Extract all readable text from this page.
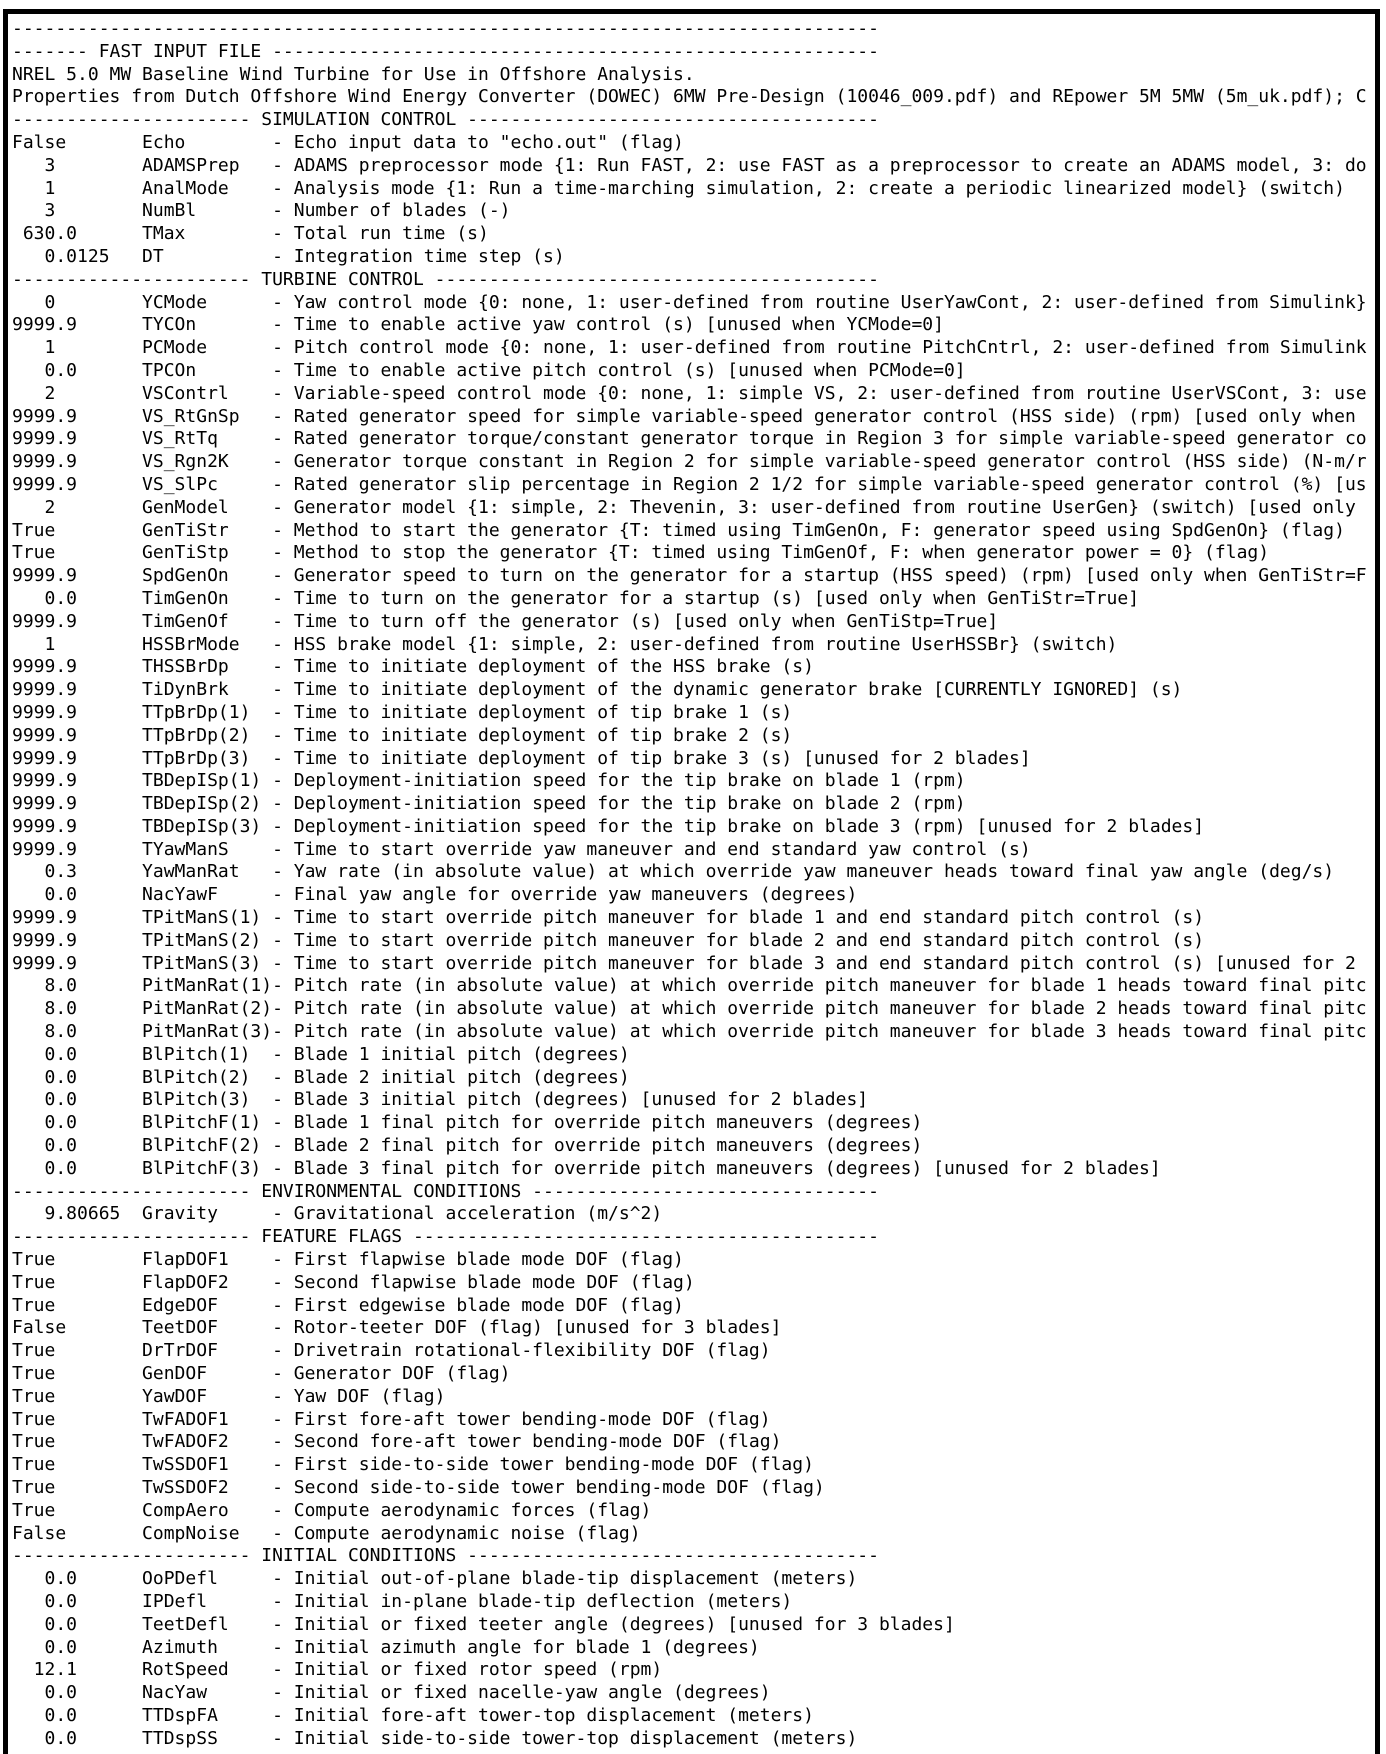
--------------------------------------------------------------------------------
------- FAST INPUT FILE --------------------------------------------------------
NREL 5.0 MW Baseline Wind Turbine for Use in Offshore Analysis.
Properties from Dutch Offshore Wind Energy Converter (DOWEC) 6MW Pre-Design (10046_009.pdf) and REpower 5M 5MW (5m_uk.pdf); C
---------------------- SIMULATION CONTROL --------------------------------------
False       Echo        - Echo input data to "echo.out" (flag)
3        ADAMSPrep   - ADAMS preprocessor mode {1: Run FAST, 2: use FAST as a preprocessor to create an ADAMS model, 3: do
1        AnalMode    - Analysis mode {1: Run a time-marching simulation, 2: create a periodic linearized model} (switch)
3        NumBl       - Number of blades (-)
630.0      TMax        - Total run time (s)
0.0125   DT          - Integration time step (s)
---------------------- TURBINE CONTROL -----------------------------------------
0        YCMode      - Yaw control mode {0: none, 1: user-defined from routine UserYawCont, 2: user-defined from Simulink}
9999.9      TYCOn       - Time to enable active yaw control (s) [unused when YCMode=0]
1        PCMode      - Pitch control mode {0: none, 1: user-defined from routine PitchCntrl, 2: user-defined from Simulink
0.0      TPCOn       - Time to enable active pitch control (s) [unused when PCMode=0]
2        VSContrl    - Variable-speed control mode {0: none, 1: simple VS, 2: user-defined from routine UserVSCont, 3: use
9999.9      VS_RtGnSp   - Rated generator speed for simple variable-speed generator control (HSS side) (rpm) [used only when
9999.9      VS_RtTq     - Rated generator torque/constant generator torque in Region 3 for simple variable-speed generator co
9999.9      VS_Rgn2K    - Generator torque constant in Region 2 for simple variable-speed generator control (HSS side) (N-m/r
9999.9      VS_SlPc     - Rated generator slip percentage in Region 2 1/2 for simple variable-speed generator control (%) [us
2        GenModel    - Generator model {1: simple, 2: Thevenin, 3: user-defined from routine UserGen} (switch) [used only
True        GenTiStr    - Method to start the generator {T: timed using TimGenOn, F: generator speed using SpdGenOn} (flag)
True        GenTiStp    - Method to stop the generator {T: timed using TimGenOf, F: when generator power = 0} (flag)
9999.9      SpdGenOn    - Generator speed to turn on the generator for a startup (HSS speed) (rpm) [used only when GenTiStr=F
0.0      TimGenOn    - Time to turn on the generator for a startup (s) [used only when GenTiStr=True]
9999.9      TimGenOf    - Time to turn off the generator (s) [used only when GenTiStp=True]
1        HSSBrMode   - HSS brake model {1: simple, 2: user-defined from routine UserHSSBr} (switch)
9999.9      THSSBrDp    - Time to initiate deployment of the HSS brake (s)
9999.9      TiDynBrk    - Time to initiate deployment of the dynamic generator brake [CURRENTLY IGNORED] (s)
9999.9      TTpBrDp(1)  - Time to initiate deployment of tip brake 1 (s)
9999.9      TTpBrDp(2)  - Time to initiate deployment of tip brake 2 (s)
9999.9      TTpBrDp(3)  - Time to initiate deployment of tip brake 3 (s) [unused for 2 blades]
9999.9      TBDepISp(1) - Deployment-initiation speed for the tip brake on blade 1 (rpm)
9999.9      TBDepISp(2) - Deployment-initiation speed for the tip brake on blade 2 (rpm)
9999.9      TBDepISp(3) - Deployment-initiation speed for the tip brake on blade 3 (rpm) [unused for 2 blades]
9999.9      TYawManS    - Time to start override yaw maneuver and end standard yaw control (s)
0.3      YawManRat   - Yaw rate (in absolute value) at which override yaw maneuver heads toward final yaw angle (deg/s)
0.0      NacYawF     - Final yaw angle for override yaw maneuvers (degrees)
9999.9      TPitManS(1) - Time to start override pitch maneuver for blade 1 and end standard pitch control (s)
9999.9      TPitManS(2) - Time to start override pitch maneuver for blade 2 and end standard pitch control (s)
9999.9      TPitManS(3) - Time to start override pitch maneuver for blade 3 and end standard pitch control (s) [unused for 2
8.0      PitManRat(1)- Pitch rate (in absolute value) at which override pitch maneuver for blade 1 heads toward final pitc
8.0      PitManRat(2)- Pitch rate (in absolute value) at which override pitch maneuver for blade 2 heads toward final pitc
8.0      PitManRat(3)- Pitch rate (in absolute value) at which override pitch maneuver for blade 3 heads toward final pitc
0.0      BlPitch(1)  - Blade 1 initial pitch (degrees)
0.0      BlPitch(2)  - Blade 2 initial pitch (degrees)
0.0      BlPitch(3)  - Blade 3 initial pitch (degrees) [unused for 2 blades]
0.0      BlPitchF(1) - Blade 1 final pitch for override pitch maneuvers (degrees)
0.0      BlPitchF(2) - Blade 2 final pitch for override pitch maneuvers (degrees)
0.0      BlPitchF(3) - Blade 3 final pitch for override pitch maneuvers (degrees) [unused for 2 blades]
---------------------- ENVIRONMENTAL CONDITIONS --------------------------------
9.80665  Gravity     - Gravitational acceleration (m/s^2)
---------------------- FEATURE FLAGS -------------------------------------------
True        FlapDOF1    - First flapwise blade mode DOF (flag)
True        FlapDOF2    - Second flapwise blade mode DOF (flag)
True        EdgeDOF     - First edgewise blade mode DOF (flag)
False       TeetDOF     - Rotor-teeter DOF (flag) [unused for 3 blades]
True        DrTrDOF     - Drivetrain rotational-flexibility DOF (flag)
True        GenDOF      - Generator DOF (flag)
True        YawDOF      - Yaw DOF (flag)
True        TwFADOF1    - First fore-aft tower bending-mode DOF (flag)
True        TwFADOF2    - Second fore-aft tower bending-mode DOF (flag)
True        TwSSDOF1    - First side-to-side tower bending-mode DOF (flag)
True        TwSSDOF2    - Second side-to-side tower bending-mode DOF (flag)
True        CompAero    - Compute aerodynamic forces (flag)
False       CompNoise   - Compute aerodynamic noise (flag)
---------------------- INITIAL CONDITIONS --------------------------------------
0.0      OoPDefl     - Initial out-of-plane blade-tip displacement (meters)
0.0      IPDefl      - Initial in-plane blade-tip deflection (meters)
0.0      TeetDefl    - Initial or fixed teeter angle (degrees) [unused for 3 blades]
0.0      Azimuth     - Initial azimuth angle for blade 1 (degrees)
12.1      RotSpeed    - Initial or fixed rotor speed (rpm)
0.0      NacYaw      - Initial or fixed nacelle-yaw angle (degrees)
0.0      TTDspFA     - Initial fore-aft tower-top displacement (meters)
0.0      TTDspSS     - Initial side-to-side tower-top displacement (meters)
